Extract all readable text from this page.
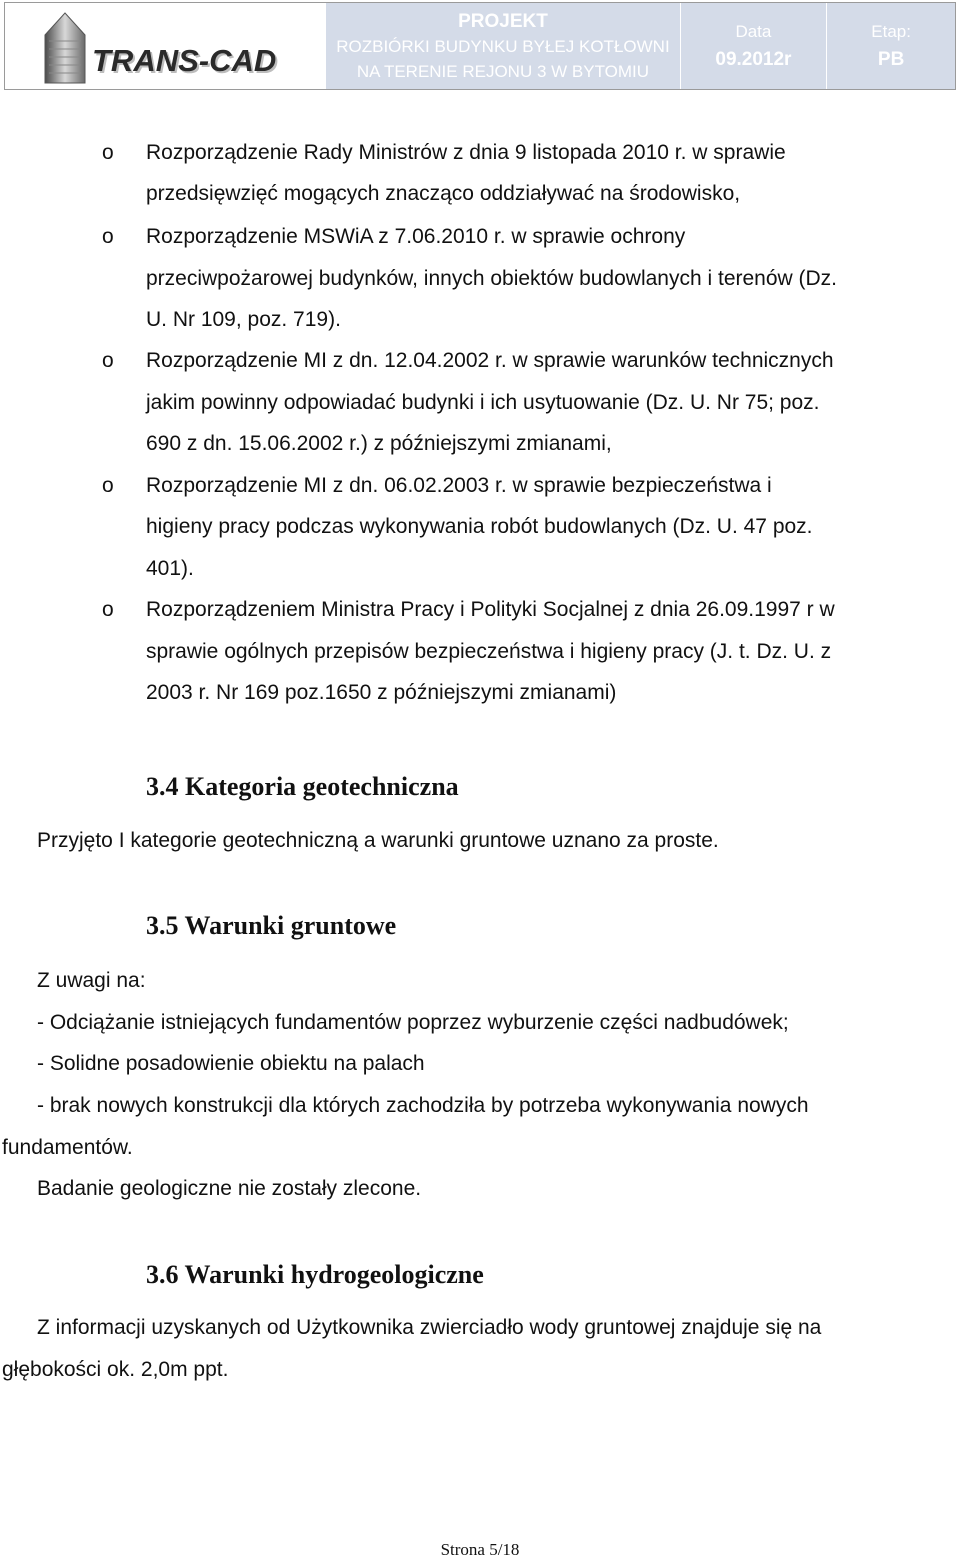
TRANS-CAD
PROJEKT
ROZBIÓRKI BUDYNKU BYŁEJ KOTŁOWNI
NA TERENIE REJONU 3 W BYTOMIU
Data
09.2012r
Etap:
PB
o Rozporządzenie Rady Ministrów z dnia 9 listopada 2010 r. w sprawie
przedsięwzięć mogących znacząco oddziaływać na środowisko,
o Rozporządzenie MSWiA z 7.06.2010 r. w sprawie ochrony
przeciwpożarowej budynków, innych obiektów budowlanych i terenów (Dz.
U. Nr 109, poz. 719).
o Rozporządzenie MI z dn. 12.04.2002 r. w sprawie warunków technicznych
jakim powinny odpowiadać budynki i ich usytuowanie (Dz. U. Nr 75; poz.
690 z dn. 15.06.2002 r.) z późniejszymi zmianami,
o Rozporządzenie MI z dn. 06.02.2003 r. w sprawie bezpieczeństwa i
higieny pracy podczas wykonywania robót budowlanych (Dz. U. 47 poz.
401).
o Rozporządzeniem Ministra Pracy i Polityki Socjalnej z dnia 26.09.1997 r w
sprawie ogólnych przepisów bezpieczeństwa i higieny pracy (J. t. Dz. U. z
2003 r. Nr 169 poz.1650 z późniejszymi zmianami)
3.4 Kategoria geotechniczna
Przyjęto I kategorie geotechniczną a warunki gruntowe uznano za proste.
3.5 Warunki gruntowe
Z uwagi na:
- Odciążanie istniejących fundamentów poprzez wyburzenie części nadbudówek;
- Solidne posadowienie obiektu na palach
- brak nowych konstrukcji dla których zachodziła by potrzeba wykonywania nowych
fundamentów.
Badanie geologiczne nie zostały zlecone.
3.6 Warunki hydrogeologiczne
Z informacji uzyskanych od Użytkownika zwierciadło wody gruntowej znajduje się na
głębokości ok. 2,0m ppt.
Strona 5/18
